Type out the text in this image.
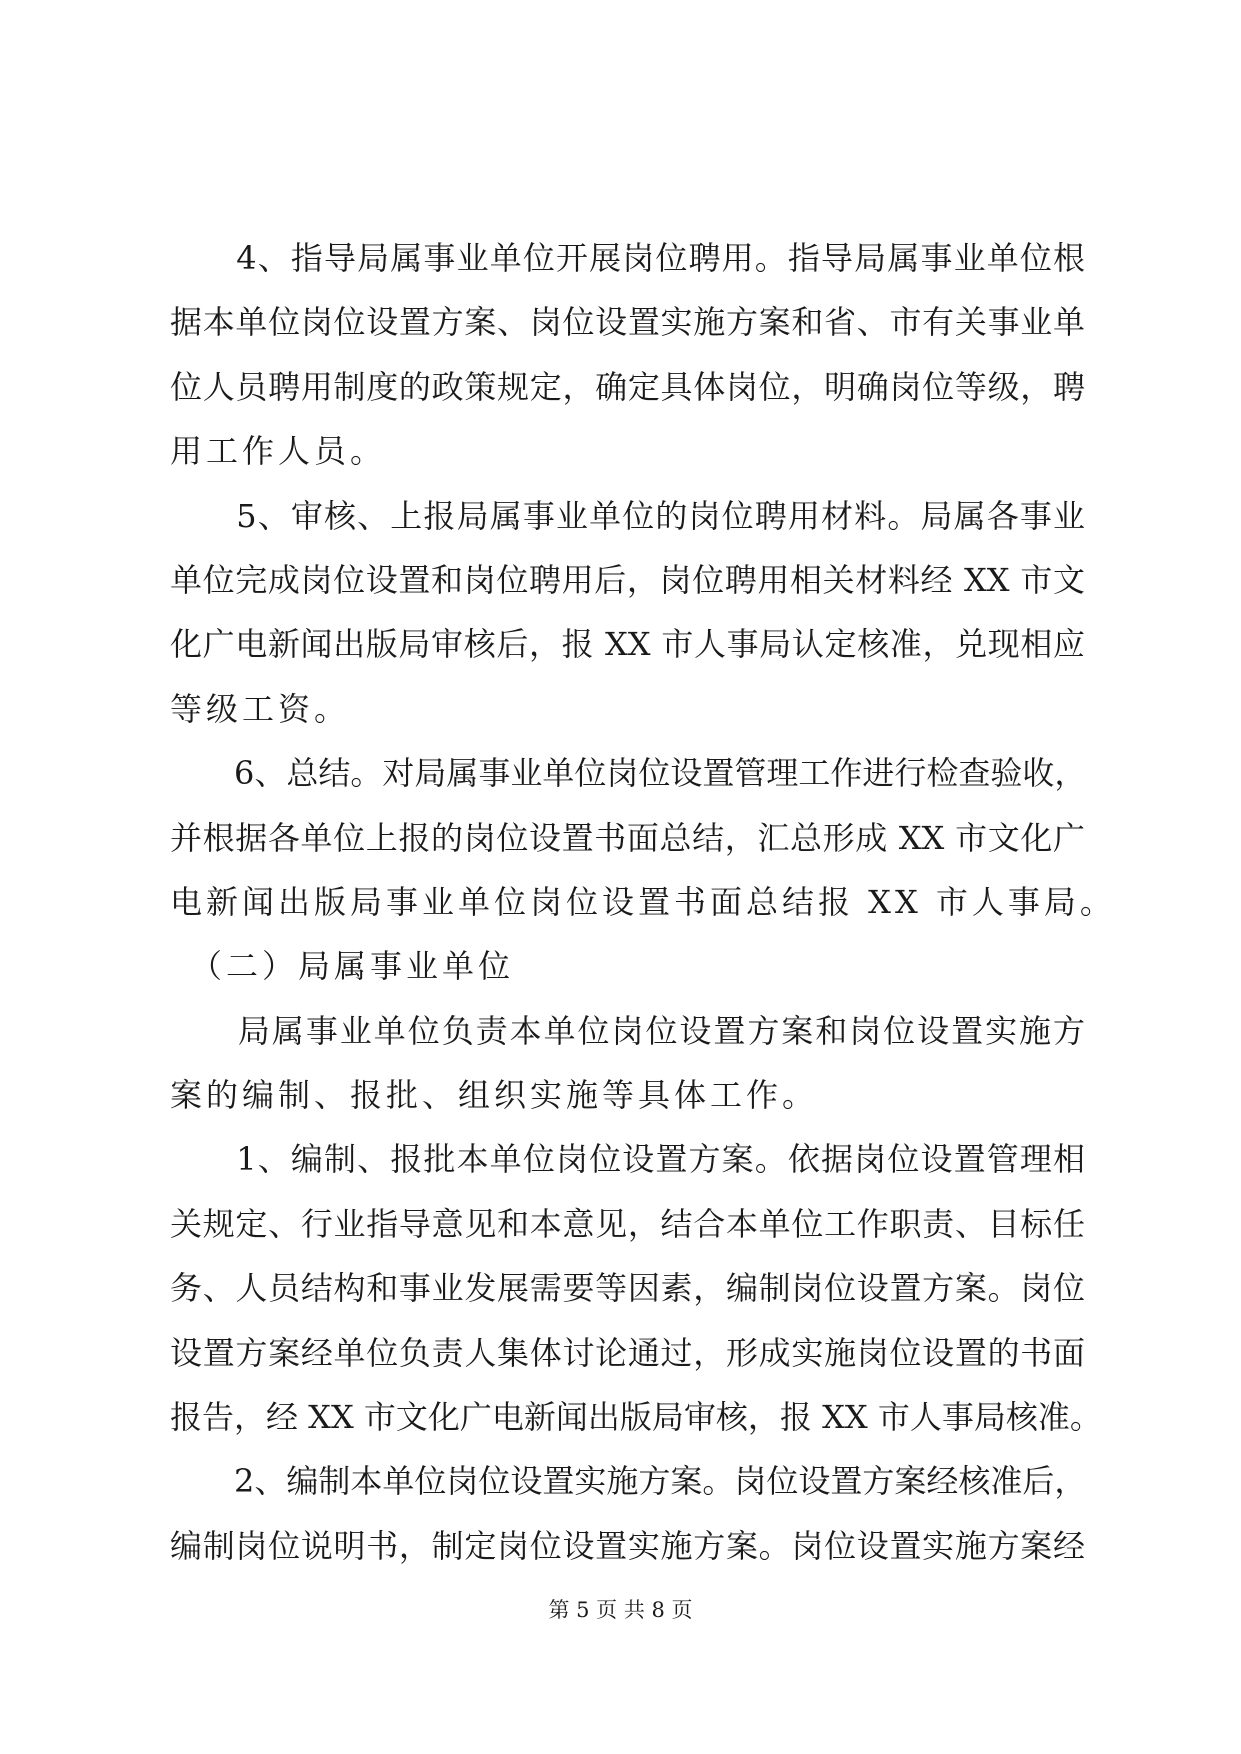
　　4、指导局属事业单位开展岗位聘用。指导局属事业单位根
据本单位岗位设置方案、岗位设置实施方案和省、市有关事业单
位人员聘用制度的政策规定，确定具体岗位，明确岗位等级，聘
用工作人员。
　　5、审核、上报局属事业单位的岗位聘用材料。局属各事业
单位完成岗位设置和岗位聘用后，岗位聘用相关材料经 XX 市文
化广电新闻出版局审核后，报 XX 市人事局认定核准，兑现相应
等级工资。
　　6、总结。对局属事业单位岗位设置管理工作进行检查验收，
并根据各单位上报的岗位设置书面总结，汇总形成 XX 市文化广
电新闻出版局事业单位岗位设置书面总结报 XX 市人事局。
　（二）局属事业单位
　　局属事业单位负责本单位岗位设置方案和岗位设置实施方
案的编制、报批、组织实施等具体工作。
　　1、编制、报批本单位岗位设置方案。依据岗位设置管理相
关规定、行业指导意见和本意见，结合本单位工作职责、目标任
务、人员结构和事业发展需要等因素，编制岗位设置方案。岗位
设置方案经单位负责人集体讨论通过，形成实施岗位设置的书面
报告，经 XX 市文化广电新闻出版局审核，报 XX 市人事局核准。
　　2、编制本单位岗位设置实施方案。岗位设置方案经核准后，
编制岗位说明书，制定岗位设置实施方案。岗位设置实施方案经
第 5 页 共 8 页
